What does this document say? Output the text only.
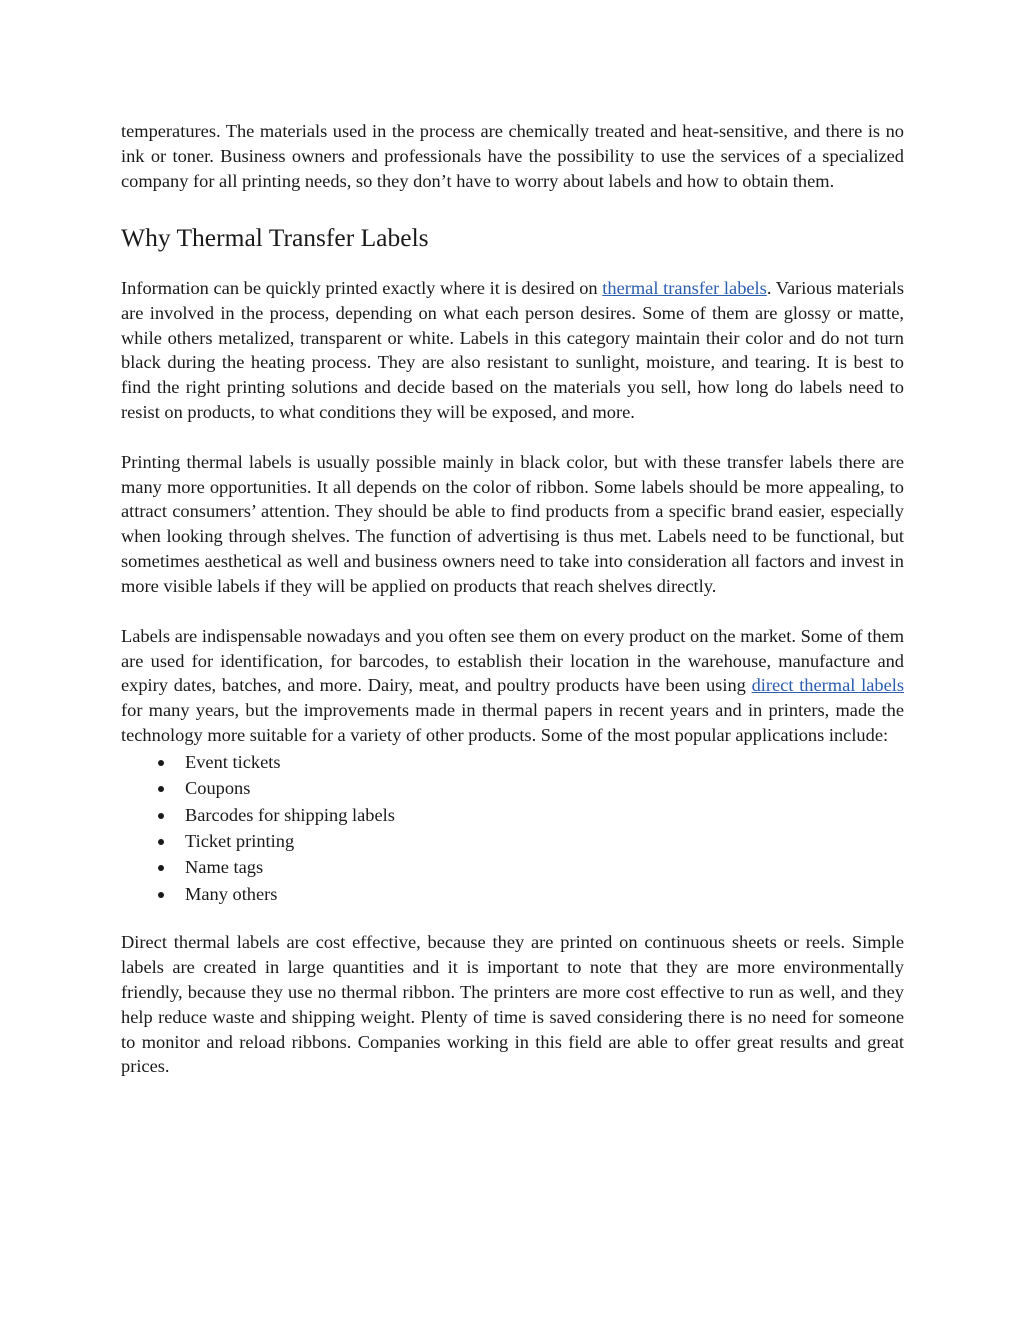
temperatures. The materials used in the process are chemically treated and heat-sensitive, and there is no ink or toner. Business owners and professionals have the possibility to use the services of a specialized company for all printing needs, so they don’t have to worry about labels and how to obtain them.

Why Thermal Transfer Labels

Information can be quickly printed exactly where it is desired on thermal transfer labels. Various materials are involved in the process, depending on what each person desires. Some of them are glossy or matte, while others metalized, transparent or white. Labels in this category maintain their color and do not turn black during the heating process. They are also resistant to sunlight, moisture, and tearing. It is best to find the right printing solutions and decide based on the materials you sell, how long do labels need to resist on products, to what conditions they will be exposed, and more.

Printing thermal labels is usually possible mainly in black color, but with these transfer labels there are many more opportunities. It all depends on the color of ribbon. Some labels should be more appealing, to attract consumers’ attention. They should be able to find products from a specific brand easier, especially when looking through shelves. The function of advertising is thus met. Labels need to be functional, but sometimes aesthetical as well and business owners need to take into consideration all factors and invest in more visible labels if they will be applied on products that reach shelves directly.

Labels are indispensable nowadays and you often see them on every product on the market. Some of them are used for identification, for barcodes, to establish their location in the warehouse, manufacture and expiry dates, batches, and more. Dairy, meat, and poultry products have been using direct thermal labels for many years, but the improvements made in thermal papers in recent years and in printers, made the technology more suitable for a variety of other products. Some of the most popular applications include:

Event tickets
Coupons
Barcodes for shipping labels
Ticket printing
Name tags
Many others

Direct thermal labels are cost effective, because they are printed on continuous sheets or reels. Simple labels are created in large quantities and it is important to note that they are more environmentally friendly, because they use no thermal ribbon. The printers are more cost effective to run as well, and they help reduce waste and shipping weight. Plenty of time is saved considering there is no need for someone to monitor and reload ribbons. Companies working in this field are able to offer great results and great prices.
